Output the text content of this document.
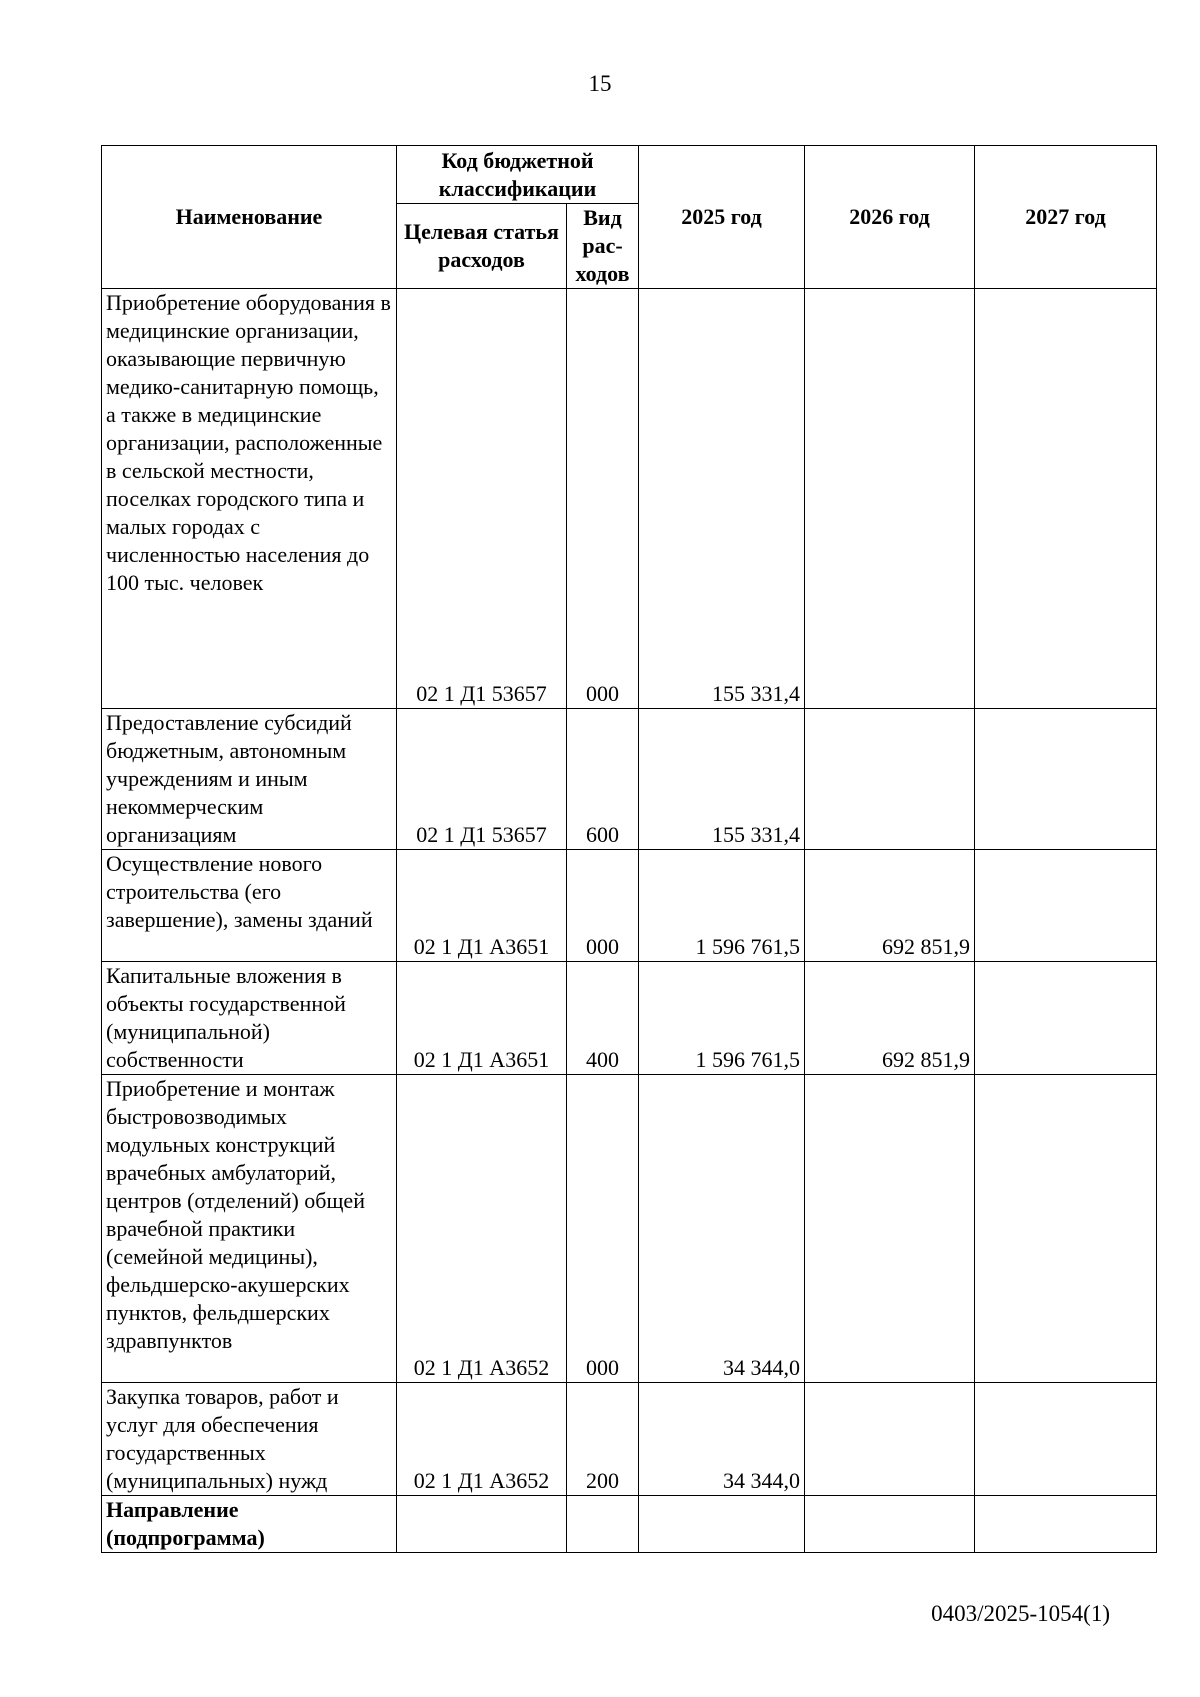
15
Наименование	Код бюджетной классификации		2025 год	2026 год	2027 год
	Целевая статья расходов	Вид рас-ходов			
Приобретение оборудования в медицинские организации, оказывающие первичную медико-санитарную помощь, а также в медицинские организации, расположенные в сельской местности, поселках городского типа и малых городах с численностью населения до 100 тыс. человек	02 1 Д1 53657	000	155 331,4		
Предоставление субсидий бюджетным, автономным учреждениям и иным некоммерческим организациям	02 1 Д1 53657	600	155 331,4		
Осуществление нового строительства (его завершение), замены зданий	02 1 Д1 А3651	000	1 596 761,5	692 851,9	
Капитальные вложения в объекты государственной (муниципальной) собственности	02 1 Д1 А3651	400	1 596 761,5	692 851,9	
Приобретение и монтаж быстровозводимых модульных конструкций врачебных амбулаторий, центров (отделений) общей врачебной практики (семейной медицины), фельдшерско-акушерских пунктов, фельдшерских здравпунктов	02 1 Д1 А3652	000	34 344,0		
Закупка товаров, работ и услуг для обеспечения государственных (муниципальных) нужд	02 1 Д1 А3652	200	34 344,0		
Направление (подпрограмма)					
0403/2025-1054(1)
